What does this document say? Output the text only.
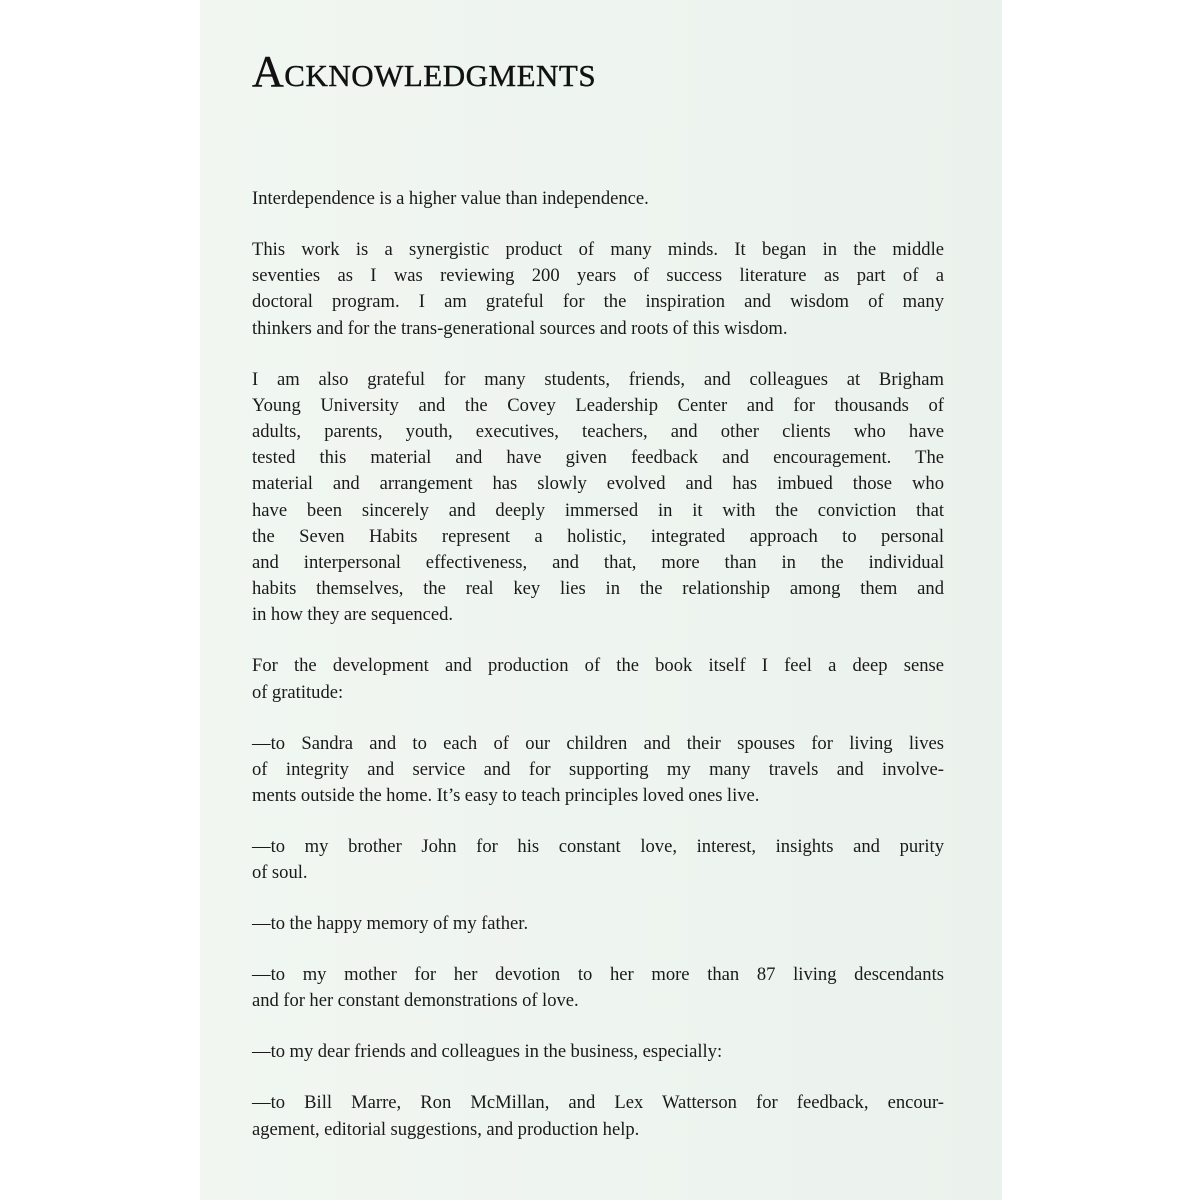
Acknowledgments

Interdependence is a higher value than independence.

This work is a synergistic product of many minds. It began in the middle
seventies as I was reviewing 200 years of success literature as part of a
doctoral program. I am grateful for the inspiration and wisdom of many
thinkers and for the trans-generational sources and roots of this wisdom.

I am also grateful for many students, friends, and colleagues at Brigham
Young University and the Covey Leadership Center and for thousands of
adults, parents, youth, executives, teachers, and other clients who have
tested this material and have given feedback and encouragement. The
material and arrangement has slowly evolved and has imbued those who
have been sincerely and deeply immersed in it with the conviction that
the Seven Habits represent a holistic, integrated approach to personal
and interpersonal effectiveness, and that, more than in the individual
habits themselves, the real key lies in the relationship among them and
in how they are sequenced.

For the development and production of the book itself I feel a deep sense
of gratitude:

—to Sandra and to each of our children and their spouses for living lives
of integrity and service and for supporting my many travels and involve-
ments outside the home. It’s easy to teach principles loved ones live.

—to my brother John for his constant love, interest, insights and purity
of soul.

—to the happy memory of my father.

—to my mother for her devotion to her more than 87 living descendants
and for her constant demonstrations of love.

—to my dear friends and colleagues in the business, especially:

—to Bill Marre, Ron McMillan, and Lex Watterson for feedback, encour-
agement, editorial suggestions, and production help.
